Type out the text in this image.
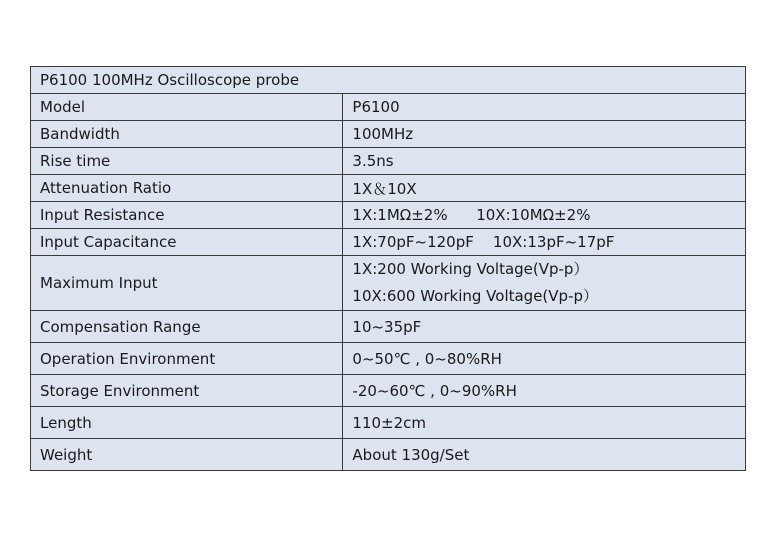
P6100 100MHz Oscilloscope probe	
Model	P6100
Bandwidth	100MHz
Rise time	3.5ns
Attenuation Ratio	1X＆10X
Input Resistance	1X:1MΩ±2%      10X:10MΩ±2%
Input Capacitance	1X:70pF~120pF    10X:13pF~17pF
Maximum Input	1X:200 Working Voltage(Vp-p）
10X:600 Working Voltage(Vp-p）

Compensation Range	10~35pF
Operation Environment	0~50℃ , 0~80%RH
Storage Environment	-20~60℃ , 0~90%RH
Length	110±2cm
Weight	About 130g/Set
